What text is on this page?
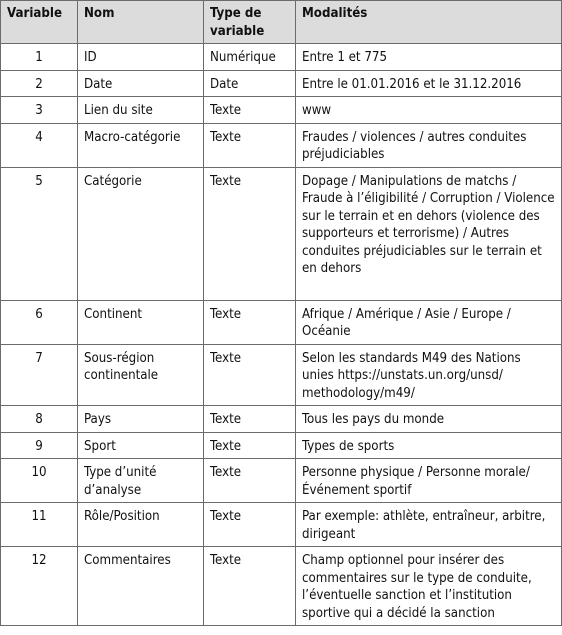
Variable	Nom	Type de variable	Modalités
1	ID	Numérique	Entre 1 et 775
2	Date	Date	Entre le 01.01.2016 et le 31.12.2016
3	Lien du site	Texte	www
4	Macro-catégorie	Texte	Fraudes / violences / autres conduites préjudiciables
5	Catégorie	Texte	Dopage / Manipulations de matchs / Fraude à l’éligibilité / Corruption / Violence sur le terrain et en dehors (violence des supporteurs et terrorisme) / Autres conduites préjudiciables sur le terrain et en dehors
6	Continent	Texte	Afrique / Amérique / Asie / Europe / Océanie
7	Sous-région continentale	Texte	Selon les standards M49 des Nations unies https://unstats.un.org/unsd/ methodology/m49/
8	Pays	Texte	Tous les pays du monde
9	Sport	Texte	Types de sports
10	Type d’unité d’analyse	Texte	Personne physique / Personne morale/ Événement sportif
11	Rôle/Position	Texte	Par exemple: athlète, entraîneur, arbitre, dirigeant
12	Commentaires	Texte	Champ optionnel pour insérer des commentaires sur le type de conduite, l’éventuelle sanction et l’institution sportive qui a décidé la sanction
